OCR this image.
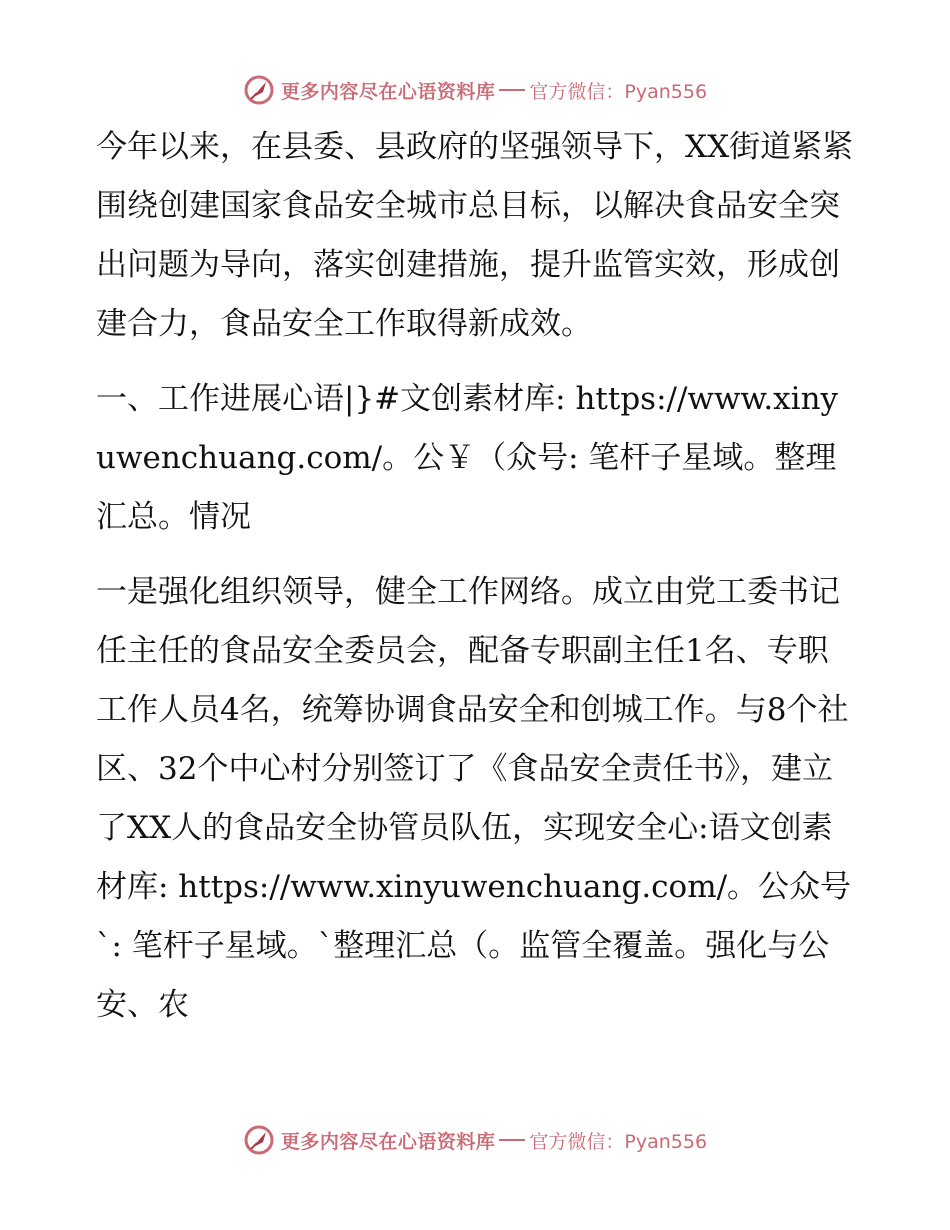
更多内容尽在心语资料库 官方微信：Pyan556

今年以来，在县委、县政府的坚强领导下，XX街道紧紧围绕创建国家食品安全城市总目标，以解决食品安全突出问题为导向，落实创建措施，提升监管实效，形成创建合力，食品安全工作取得新成效。

一、工作进展心语|}#文创素材库: https://www.xinyuwenchuang.com/。公￥（众号: 笔杆子星域。整理汇总。情况

一是强化组织领导，健全工作网络。成立由党工委书记任主任的食品安全委员会，配备专职副主任1名、专职工作人员4名，统筹协调食品安全和创城工作。与8个社区、32个中心村分别签订了《食品安全责任书》，建立了XX人的食品安全协管员队伍，实现安全心:语文创素材库: https://www.xinyuwenchuang.com/。公众号`: 笔杆子星域。`整理汇总（。监管全覆盖。强化与公安、农

更多内容尽在心语资料库 官方微信：Pyan556
